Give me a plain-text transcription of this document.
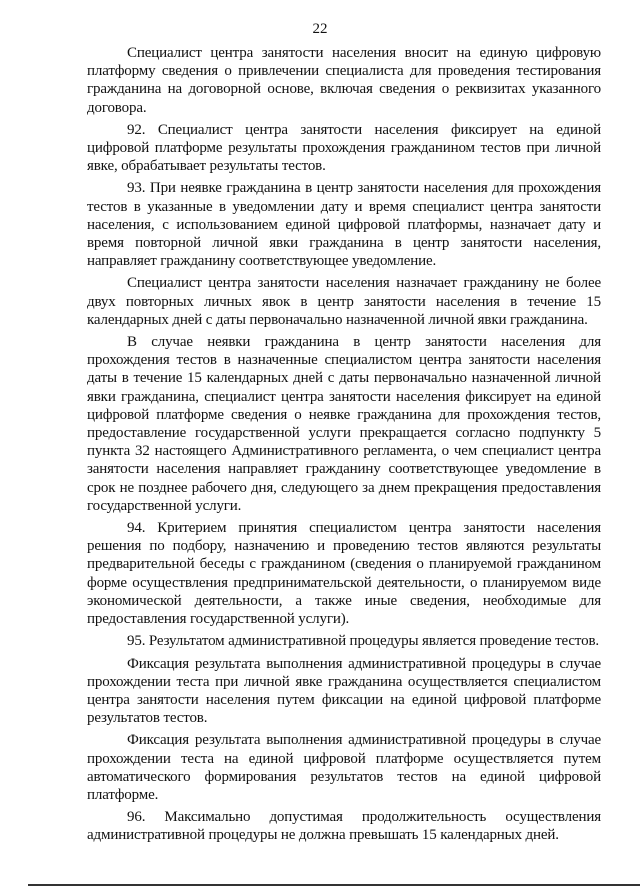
22

Специалист центра занятости населения вносит на единую цифровую платформу сведения о привлечении специалиста для проведения тестирования гражданина на договорной основе, включая сведения о реквизитах указанного договора.

92. Специалист центра занятости населения фиксирует на единой цифровой платформе результаты прохождения гражданином тестов при личной явке, обрабатывает результаты тестов.

93. При неявке гражданина в центр занятости населения для прохождения тестов в указанные в уведомлении дату и время специалист центра занятости населения, с использованием единой цифровой платформы, назначает дату и время повторной личной явки гражданина в центр занятости населения, направляет гражданину соответствующее уведомление.

Специалист центра занятости населения назначает гражданину не более двух повторных личных явок в центр занятости населения в течение 15 календарных дней с даты первоначально назначенной личной явки гражданина.

В случае неявки гражданина в центр занятости населения для прохождения тестов в назначенные специалистом центра занятости населения даты в течение 15 календарных дней с даты первоначально назначенной личной явки гражданина, специалист центра занятости населения фиксирует на единой цифровой платформе сведения о неявке гражданина для прохождения тестов, предоставление государственной услуги прекращается согласно подпункту 5 пункта 32 настоящего Административного регламента, о чем специалист центра занятости населения направляет гражданину соответствующее уведомление в срок не позднее рабочего дня, следующего за днем прекращения предоставления государственной услуги.

94. Критерием принятия специалистом центра занятости населения решения по подбору, назначению и проведению тестов являются результаты предварительной беседы с гражданином (сведения о планируемой гражданином форме осуществления предпринимательской деятельности, о планируемом виде экономической деятельности, а также иные сведения, необходимые для предоставления государственной услуги).

95. Результатом административной процедуры является проведение тестов.

Фиксация результата выполнения административной процедуры в случае прохождении теста при личной явке гражданина осуществляется специалистом центра занятости населения путем фиксации на единой цифровой платформе результатов тестов.

Фиксация результата выполнения административной процедуры в случае прохождении теста на единой цифровой платформе осуществляется путем автоматического формирования результатов тестов на единой цифровой платформе.

96. Максимально допустимая продолжительность осуществления административной процедуры не должна превышать 15 календарных дней.
